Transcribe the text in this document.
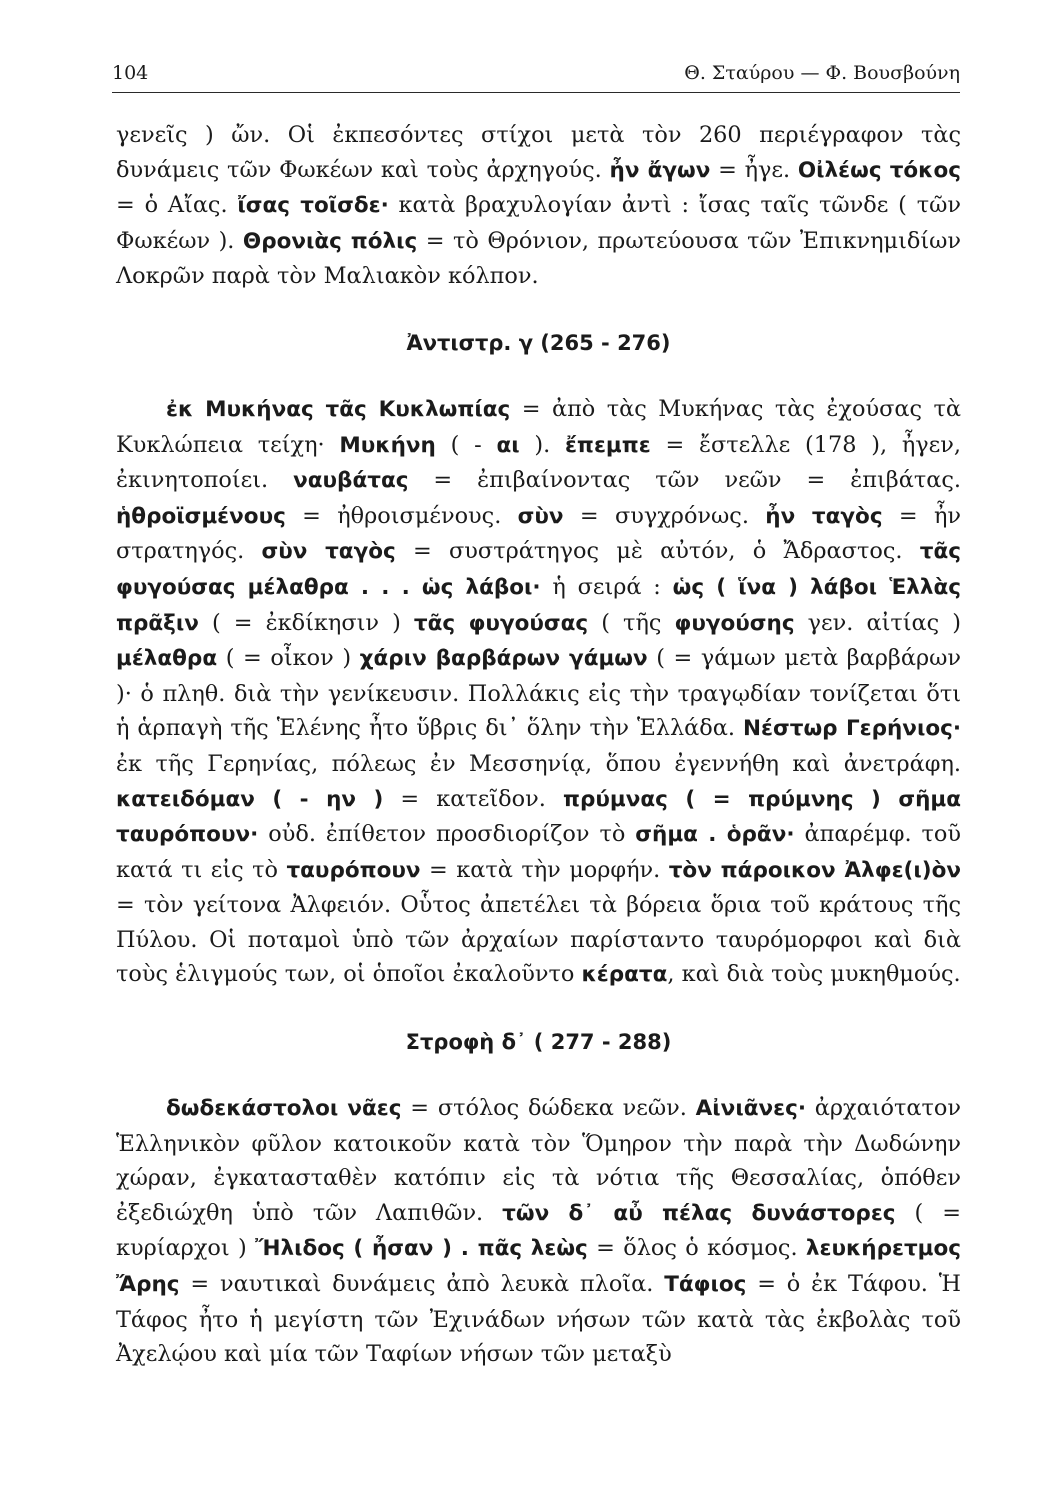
104	Θ. Σταύρου — Φ. Βουσβούνη

γενεῖς ) ὤν. Οἱ ἐκπεσόντες στίχοι μετὰ τὸν 260 περιέγραφον τὰς δυνάμεις τῶν Φωκέων καὶ τοὺς ἀρχηγούς. ἦν ἄγων = ἦγε. Οἰλέως τόκος = ὁ Αἴας. ἴσας τοῖσδε· κατὰ βραχυλογίαν ἀντὶ : ἴσας ταῖς τῶνδε ( τῶν Φωκέων ). Θρονιὰς πόλις = τὸ Θρόνιον, πρωτεύουσα τῶν Ἐπικνημιδίων Λοκρῶν παρὰ τὸν Μαλιακὸν κόλπον.

Ἀντιστρ. γ (265 - 276)

ἐκ Μυκήνας τᾶς Κυκλωπίας = ἀπὸ τὰς Μυκήνας τὰς ἐχούσας τὰ Κυκλώπεια τείχη· Μυκήνη ( - αι ). ἔπεμπε = ἔστελλε (178 ), ἦγεν, ἐκινητοποίει. ναυβάτας = ἐπιβαίνοντας τῶν νεῶν = ἐπιβάτας. ἡθροϊσμένους = ἠθροισμένους. σὺν = συγχρόνως. ἦν ταγὸς = ἦν στρατηγός. σὺν ταγὸς = συστράτηγος μὲ αὐτόν, ὁ Ἄδραστος. τᾶς φυγούσας μέλαθρα . . . ὡς λάβοι· ἡ σειρά : ὡς ( ἵνα ) λάβοι Ἑλλὰς πρᾶξιν ( = ἐκδίκησιν ) τᾶς φυγούσας ( τῆς φυγούσης γεν. αἰτίας ) μέλαθρα ( = οἶκον ) χάριν βαρβάρων γάμων ( = γάμων μετὰ βαρβάρων )· ὁ πληθ. διὰ τὴν γενίκευσιν. Πολλάκις εἰς τὴν τραγῳδίαν τονίζεται ὅτι ἡ ἁρπαγὴ τῆς Ἑλένης ἦτο ὕβρις δι᾽ ὅλην τὴν Ἑλλάδα. Νέστωρ Γερήνιος· ἐκ τῆς Γερηνίας, πόλεως ἐν Μεσσηνίᾳ, ὅπου ἐγεννήθη καὶ ἀνετράφη. κατειδόμαν ( - ην ) = κατεῖδον. πρύμνας ( = πρύμνης ) σῆμα ταυρόπουν· οὐδ. ἐπίθετον προσδιορίζον τὸ σῆμα . ὁρᾶν· ἀπαρέμφ. τοῦ κατά τι εἰς τὸ ταυρόπουν = κατὰ τὴν μορφήν. τὸν πάροικον Ἀλφε(ι)ὸν = τὸν γείτονα Ἀλφειόν. Οὗτος ἀπετέλει τὰ βόρεια ὅρια τοῦ κράτους τῆς Πύλου. Οἱ ποταμοὶ ὑπὸ τῶν ἀρχαίων παρίσταντο ταυρόμορφοι καὶ διὰ τοὺς ἑλιγμούς των, οἱ ὁποῖοι ἐκαλοῦντο κέρατα, καὶ διὰ τοὺς μυκηθμούς.

Στροφὴ δ᾽ ( 277 - 288)

δωδεκάστολοι νᾶες = στόλος δώδεκα νεῶν. Αἰνιᾶνες· ἀρχαιότατον Ἑλληνικὸν φῦλον κατοικοῦν κατὰ τὸν Ὅμηρον τὴν παρὰ τὴν Δωδώνην χώραν, ἐγκατασταθὲν κατόπιν εἰς τὰ νότια τῆς Θεσσαλίας, ὁπόθεν ἐξεδιώχθη ὑπὸ τῶν Λαπιθῶν. τῶν δ᾽ αὖ πέλας δυνάστορες ( = κυρίαρχοι ) Ἤλιδος ( ἦσαν ) . πᾶς λεὼς = ὅλος ὁ κόσμος. λευκήρετμος Ἄρης = ναυτικαὶ δυνάμεις ἀπὸ λευκὰ πλοῖα. Τάφιος = ὁ ἐκ Τάφου. Ἡ Τάφος ἦτο ἡ μεγίστη τῶν Ἐχινάδων νήσων τῶν κατὰ τὰς ἐκβολὰς τοῦ Ἀχελῴου καὶ μία τῶν Ταφίων νήσων τῶν μεταξὺ
